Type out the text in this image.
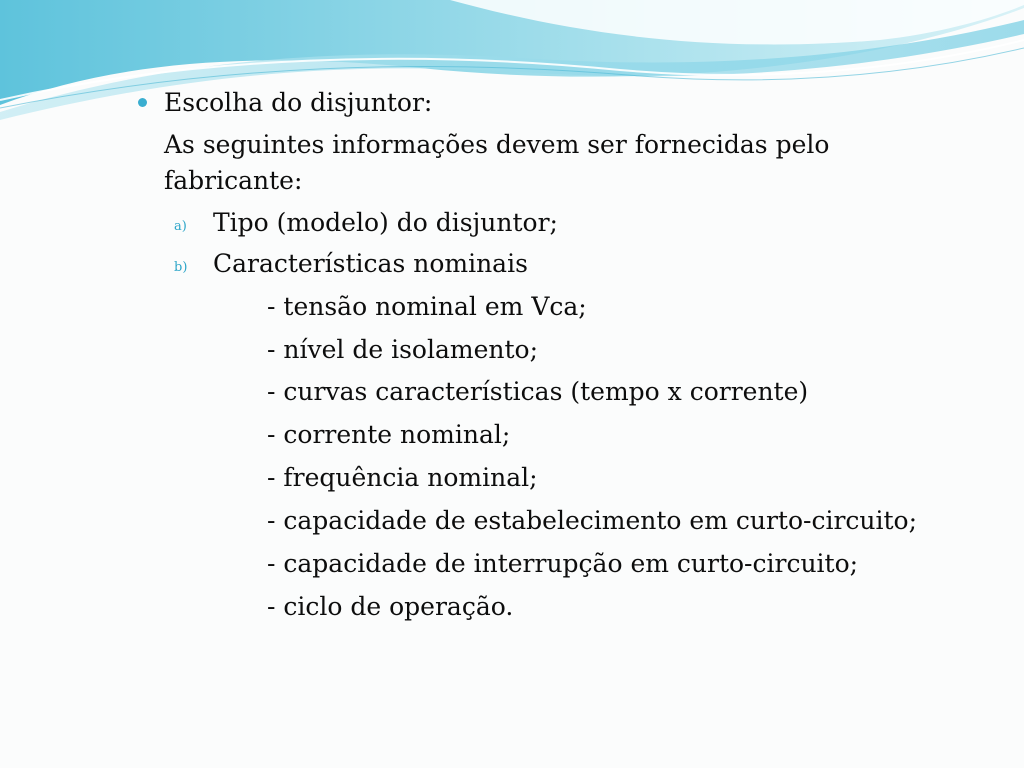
Escolha do disjuntor:
As seguintes informações devem ser fornecidas pelo
fabricante:
a) Tipo (modelo) do disjuntor;
b) Características nominais
- tensão nominal em Vca;
- nível de isolamento;
- curvas características (tempo x corrente)
- corrente nominal;
- frequência nominal;
- capacidade de estabelecimento em curto-circuito;
- capacidade de interrupção em curto-circuito;
- ciclo de operação.
